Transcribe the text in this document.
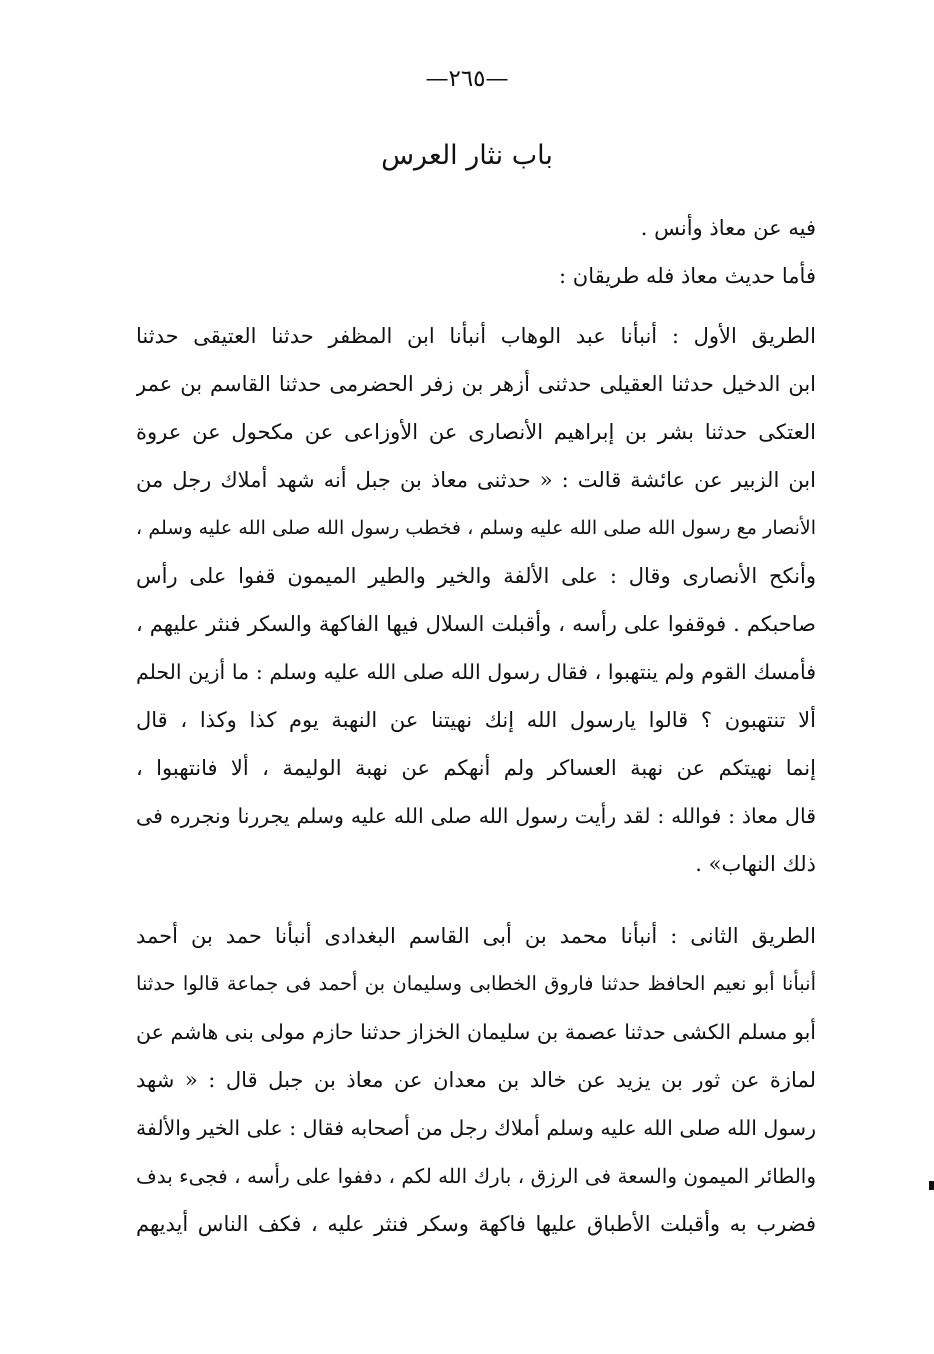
—٢٦٥—
باب نثار العرس
فيه عن معاذ وأنس .
فأما حديث معاذ فله طريقان :
الطريق الأول : أنبأنا عبد الوهاب أنبأنا ابن المظفر حدثنا العتيقى حدثنا
ابن الدخيل حدثنا العقيلى حدثنى أزهر بن زفر الحضرمى حدثنا القاسم بن عمر
العتكى حدثنا بشر بن إبراهيم الأنصارى عن الأوزاعى عن مكحول عن عروة
ابن الزبير عن عائشة قالت : « حدثنى معاذ بن جبل أنه شهد أملاك رجل من
الأنصار مع رسول الله صلى الله عليه وسلم ، فخطب رسول الله صلى الله عليه وسلم ،
وأنكح الأنصارى وقال : على الألفة والخير والطير الميمون قفوا على رأس
صاحبكم . فوقفوا على رأسه ، وأقبلت السلال فيها الفاكهة والسكر فنثر عليهم ،
فأمسك القوم ولم ينتهبوا ، فقال رسول الله صلى الله عليه وسلم : ما أزين الحلم
ألا تنتهبون ؟ قالوا يارسول الله إنك نهيتنا عن النهبة يوم كذا وكذا ، قال
إنما نهيتكم عن نهبة العساكر ولم أنهكم عن نهبة الوليمة ، ألا فانتهبوا ،
قال معاذ : فوالله : لقد رأيت رسول الله صلى الله عليه وسلم يجررنا ونجرره فى
ذلك النهاب» .
الطريق الثانى : أنبأنا محمد بن أبى القاسم البغدادى أنبأنا حمد بن أحمد
أنبأنا أبو نعيم الحافظ حدثنا فاروق الخطابى وسليمان بن أحمد فى جماعة قالوا حدثنا
أبو مسلم الكشى حدثنا عصمة بن سليمان الخزاز حدثنا حازم مولى بنى هاشم عن
لمازة عن ثور بن يزيد عن خالد بن معدان عن معاذ بن جبل قال : « شهد
رسول الله صلى الله عليه وسلم أملاك رجل من أصحابه فقال : على الخير والألفة
والطائر الميمون والسعة فى الرزق ، بارك الله لكم ، دففوا على رأسه ، فجىء بدف
فضرب به وأقبلت الأطباق عليها فاكهة وسكر فنثر عليه ، فكف الناس أيديهم
